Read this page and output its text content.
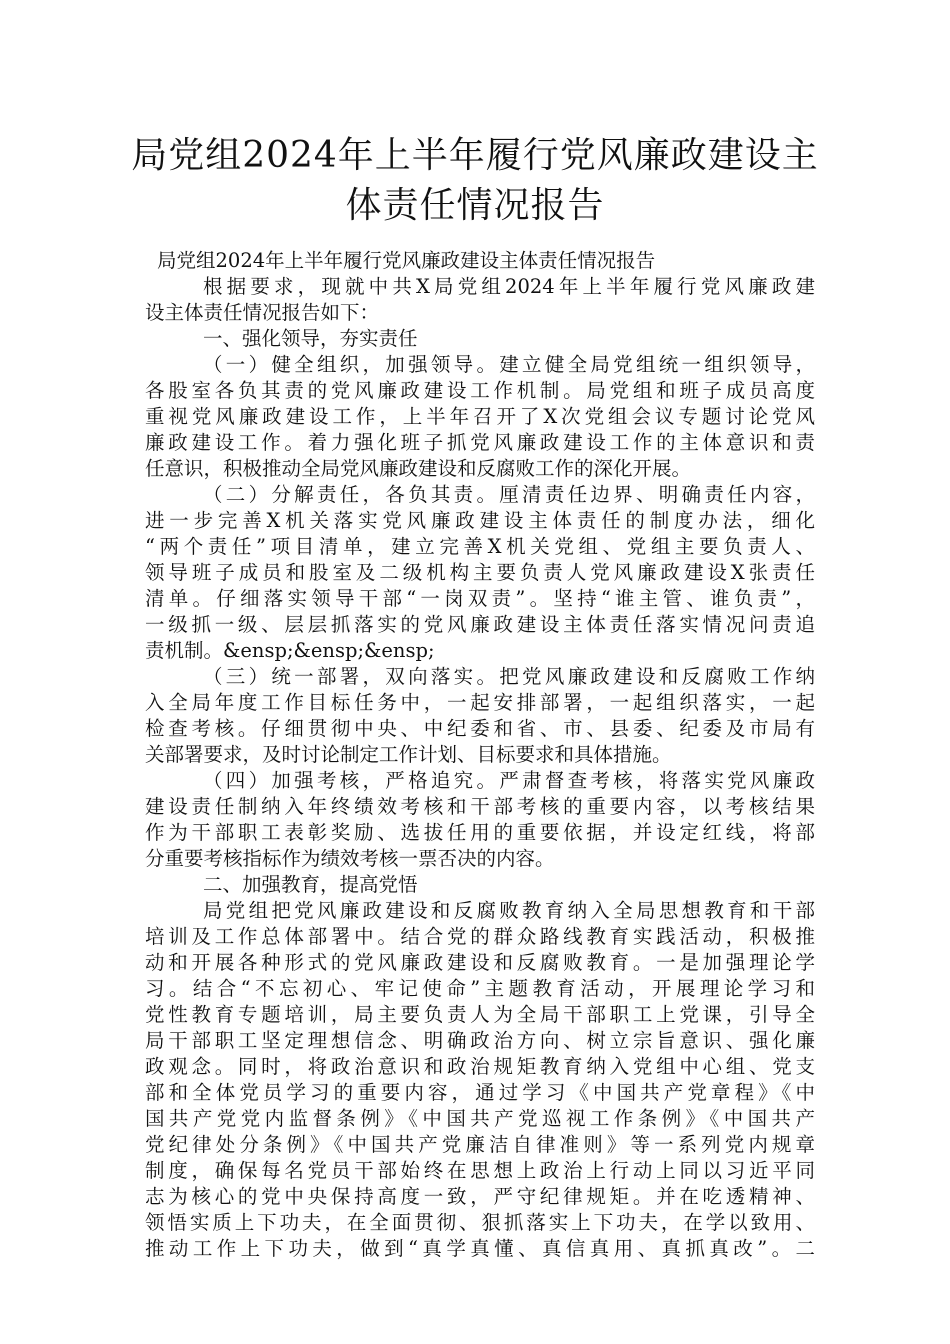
局党组2024年上半年履行党风廉政建设主
体责任情况报告
局党组2024年上半年履行党风廉政建设主体责任情况报告
根据要求，现就中共X局党组2024年上半年履行党风廉政建
设主体责任情况报告如下：
一、强化领导，夯实责任
（一）健全组织，加强领导。建立健全局党组统一组织领导，
各股室各负其责的党风廉政建设工作机制。局党组和班子成员高度
重视党风廉政建设工作，上半年召开了X次党组会议专题讨论党风
廉政建设工作。着力强化班子抓党风廉政建设工作的主体意识和责
任意识，积极推动全局党风廉政建设和反腐败工作的深化开展。
（二）分解责任，各负其责。厘清责任边界、明确责任内容，
进一步完善X机关落实党风廉政建设主体责任的制度办法，细化
“两个责任”项目清单，建立完善X机关党组、党组主要负责人、
领导班子成员和股室及二级机构主要负责人党风廉政建设X张责任
清单。仔细落实领导干部“一岗双责”。坚持“谁主管、谁负责”，
一级抓一级、层层抓落实的党风廉政建设主体责任落实情况问责追
责机制。&ensp;&ensp;&ensp;
（三）统一部署，双向落实。把党风廉政建设和反腐败工作纳
入全局年度工作目标任务中，一起安排部署，一起组织落实，一起
检查考核。仔细贯彻中央、中纪委和省、市、县委、纪委及市局有
关部署要求，及时讨论制定工作计划、目标要求和具体措施。
（四）加强考核，严格追究。严肃督查考核，将落实党风廉政
建设责任制纳入年终绩效考核和干部考核的重要内容，以考核结果
作为干部职工表彰奖励、选拔任用的重要依据，并设定红线，将部
分重要考核指标作为绩效考核一票否决的内容。
二、加强教育，提高党悟
局党组把党风廉政建设和反腐败教育纳入全局思想教育和干部
培训及工作总体部署中。结合党的群众路线教育实践活动，积极推
动和开展各种形式的党风廉政建设和反腐败教育。一是加强理论学
习。结合“不忘初心、牢记使命”主题教育活动，开展理论学习和
党性教育专题培训，局主要负责人为全局干部职工上党课，引导全
局干部职工坚定理想信念、明确政治方向、树立宗旨意识、强化廉
政观念。同时，将政治意识和政治规矩教育纳入党组中心组、党支
部和全体党员学习的重要内容，通过学习《中国共产党章程》《中
国共产党党内监督条例》《中国共产党巡视工作条例》《中国共产
党纪律处分条例》《中国共产党廉洁自律准则》等一系列党内规章
制度，确保每名党员干部始终在思想上政治上行动上同以习近平同
志为核心的党中央保持高度一致，严守纪律规矩。并在吃透精神、
领悟实质上下功夫，在全面贯彻、狠抓落实上下功夫，在学以致用、
推动工作上下功夫，做到“真学真懂、真信真用、真抓真改”。二
